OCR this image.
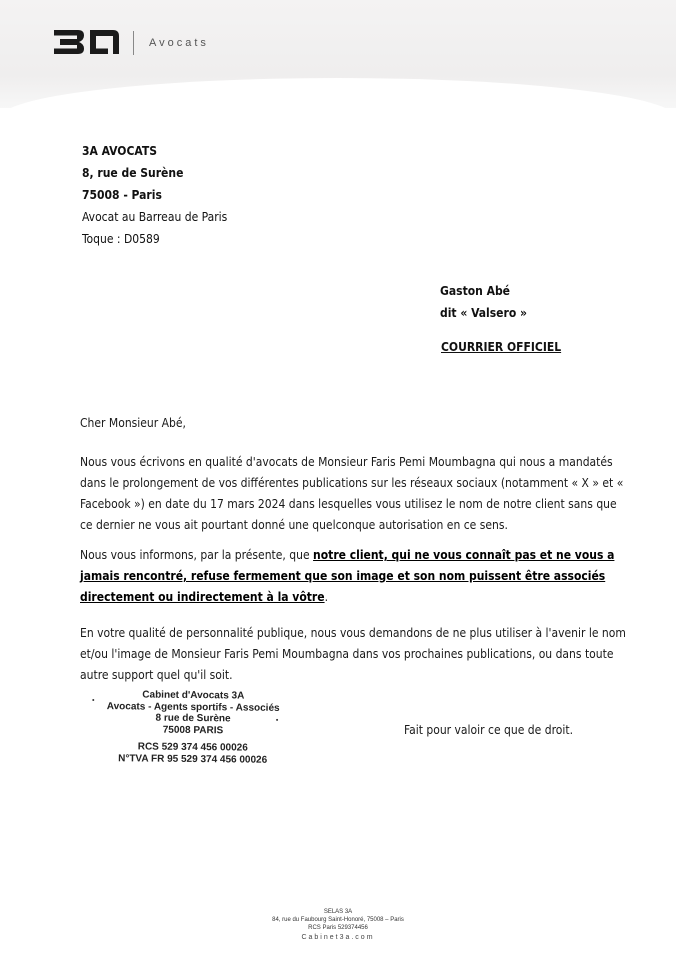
Avocats
3A AVOCATS
8, rue de Surène
75008 - Paris
Avocat au Barreau de Paris
Toque : D0589
Gaston Abé
dit « Valsero »
COURRIER OFFICIEL
Cher Monsieur Abé,
Nous vous écrivons en qualité d'avocats de Monsieur Faris Pemi Moumbagna qui nous a mandatés dans le prolongement de vos différentes publications sur les réseaux sociaux (notamment « X » et « Facebook ») en date du 17 mars 2024 dans lesquelles vous utilisez le nom de notre client sans que ce dernier ne vous ait pourtant donné une quelconque autorisation en ce sens.
Nous vous informons, par la présente, que notre client, qui ne vous connaît pas et ne vous a jamais rencontré, refuse fermement que son image et son nom puissent être associés directement ou indirectement à la vôtre.
En votre qualité de personnalité publique, nous vous demandons de ne plus utiliser à l'avenir le nom et/ou l'image de Monsieur Faris Pemi Moumbagna dans vos prochaines publications, ou dans toute autre support quel qu'il soit.
Cabinet d'Avocats 3A
Avocats - Agents sportifs - Associés
8 rue de Surène
75008 PARIS
RCS 529 374 456 00026
N°TVA FR 95 529 374 456 00026
Fait pour valoir ce que de droit.
SELAS 3A
84, rue du Faubourg Saint-Honoré, 75008 – Paris
RCS Paris 529374456
Cabinet3a.com
